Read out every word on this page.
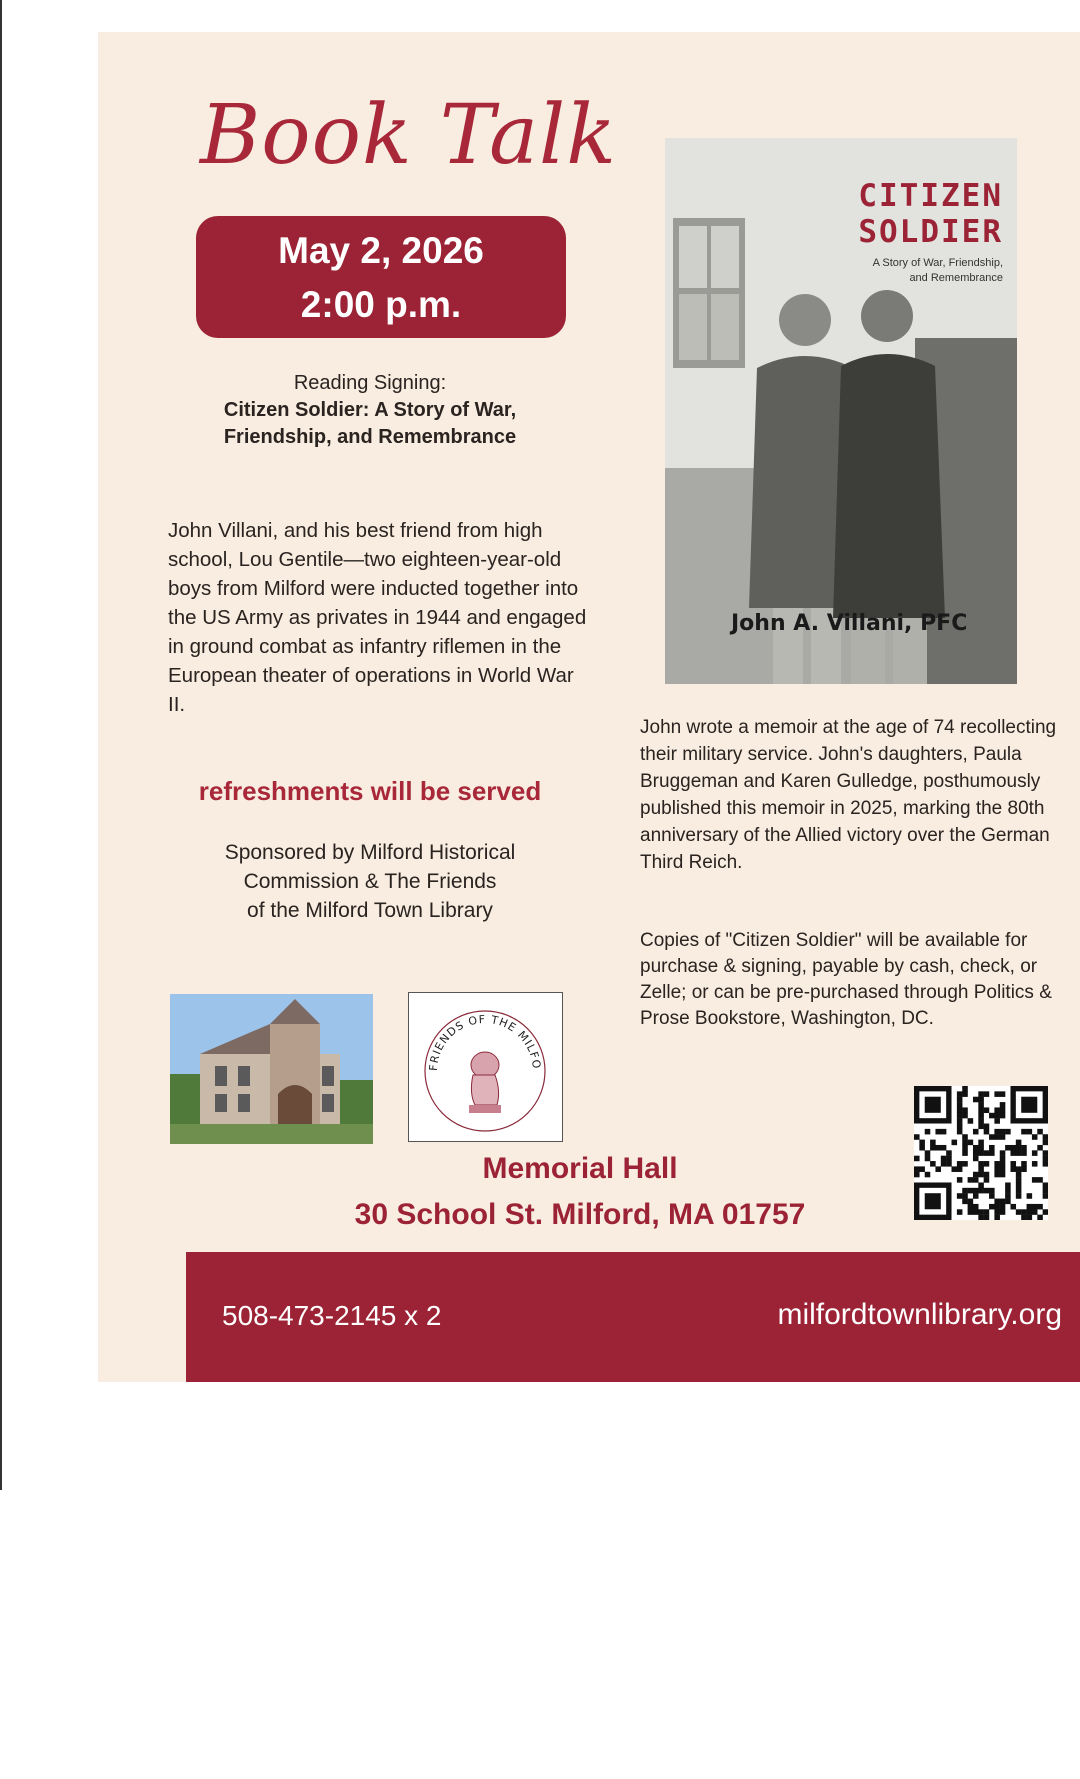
Book Talk
May 2, 2026
2:00 p.m.
Reading Signing:
Citizen Soldier: A Story of War,
Friendship, and Remembrance

John Villani, and his best friend from high school, Lou Gentile—two eighteen-year-old boys from Milford were inducted together into the US Army as privates in 1944 and engaged in ground combat as infantry riflemen in the European theater of operations in World War II.

refreshments will be served
Sponsored by Milford Historical
Commission & The Friends
of the Milford Town Library
CITIZEN
SOLDIER
A Story of War, Friendship,
and Remembrance
John A. Villani, PFC

John wrote a memoir at the age of 74 recollecting their military service. John's daughters, Paula Bruggeman and Karen Gulledge, posthumously published this memoir in 2025, marking the 80th anniversary of the Allied victory over the German Third Reich.

Copies of "Citizen Soldier" will be available for purchase & signing, payable by cash, check, or Zelle; or can be pre-purchased through Politics & Prose Bookstore, Washington, DC.

FRIENDS OF THE MILFO
Memorial Hall
30 School St. Milford, MA 01757
508-473-2145 x 2	milfordtownlibrary.org
